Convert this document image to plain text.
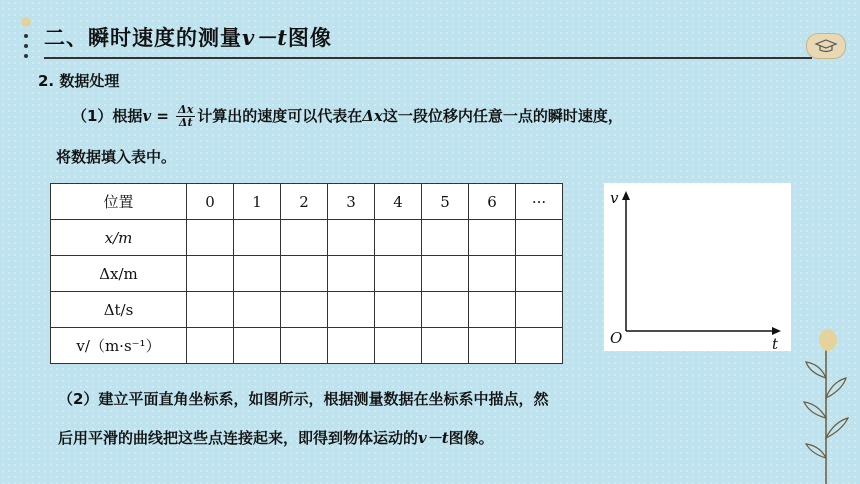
二、瞬时速度的测量v－t图像
2. 数据处理
（1）根据$v = \frac{\Delta x}{\Delta t}$ 计算出的速度可以代表在Δx这一段位移内任意一点的瞬时速度，
将数据填入表中。
位置	0	1	2	3	4	5	6	···
x/m								
Δx/m								
Δt/s								
v/（m·s⁻¹）								
v
t
O
（2）建立平面直角坐标系，如图所示，根据测量数据在坐标系中描点，然
后用平滑的曲线把这些点连接起来，即得到物体运动的v－t图像。
